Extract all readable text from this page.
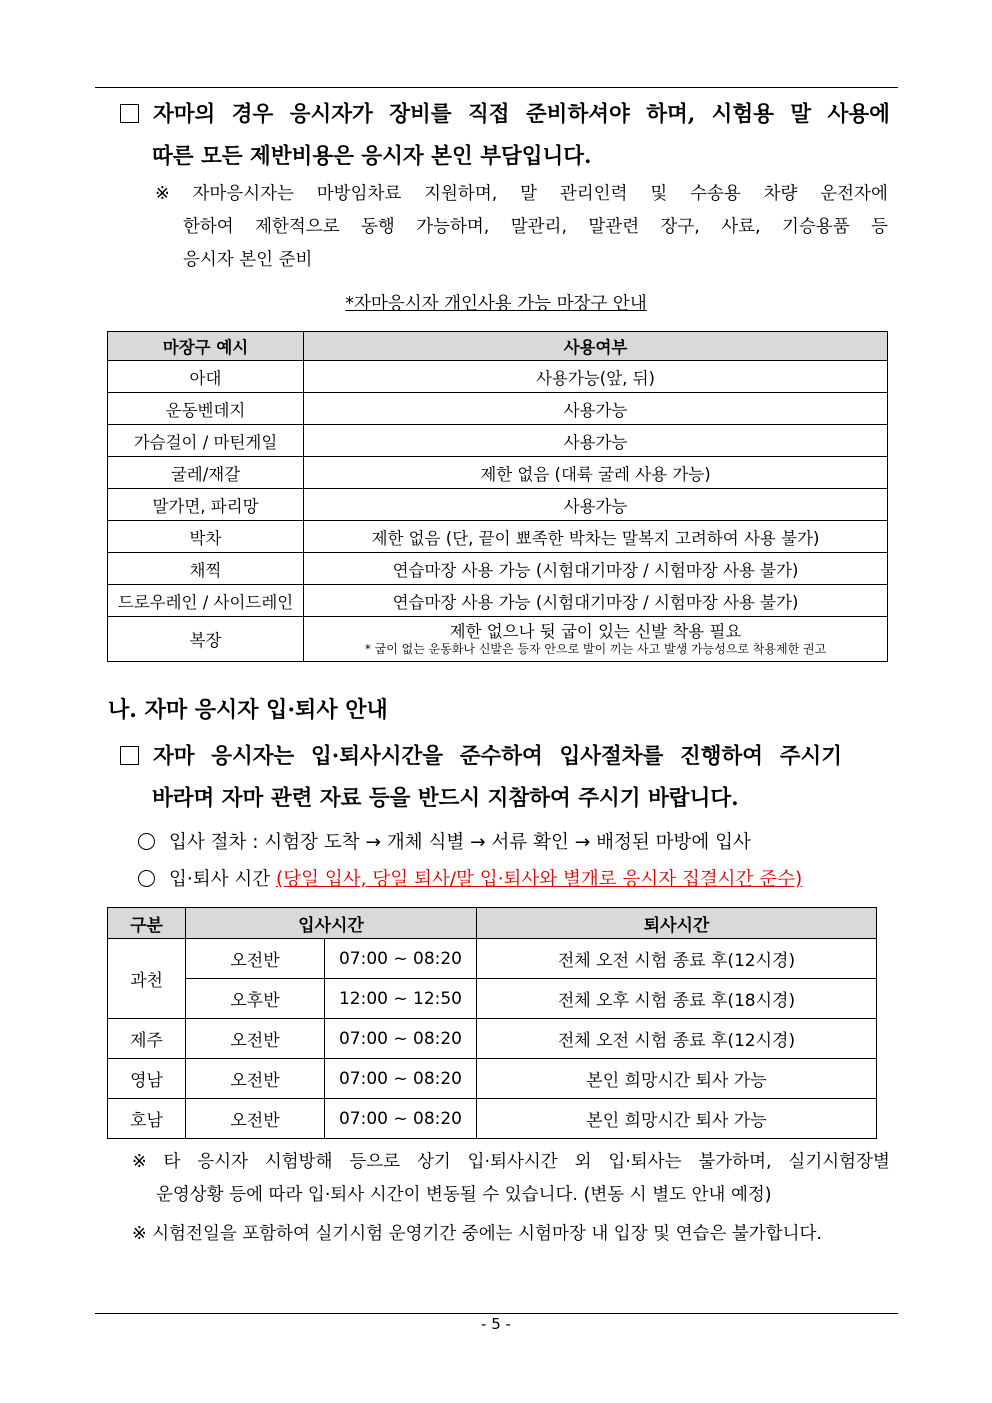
자마의 경우 응시자가 장비를 직접 준비하셔야 하며, 시험용 말 사용에
따른 모든 제반비용은 응시자 본인 부담입니다.
※ 자마응시자는 마방임차료 지원하며, 말 관리인력 및 수송용 차량 운전자에
한하여 제한적으로 동행 가능하며, 말관리, 말관련 장구, 사료, 기승용품 등
응시자 본인 준비
*자마응시자 개인사용 가능 마장구 안내
마장구 예시	사용여부
아대	사용가능(앞, 뒤)
운동벤데지	사용가능
가슴걸이 / 마틴게일	사용가능
굴레/재갈	제한 없음 (대륙 굴레 사용 가능)
말가면, 파리망	사용가능
박차	제한 없음 (단, 끝이 뾰족한 박차는 말복지 고려하여 사용 불가)
채찍	연습마장 사용 가능 (시험대기마장 / 시험마장 사용 불가)
드로우레인 / 사이드레인	연습마장 사용 가능 (시험대기마장 / 시험마장 사용 불가)
복장	제한 없으나 뒷 굽이 있는 신발 착용 필요
* 굽이 없는 운동화나 신발은 등자 안으로 발이 끼는 사고 발생 가능성으로 착용제한 권고
나. 자마 응시자 입·퇴사 안내
자마 응시자는 입·퇴사시간을 준수하여 입사절차를 진행하여 주시기
바라며 자마 관련 자료 등을 반드시 지참하여 주시기 바랍니다.
입사 절차 : 시험장 도착 → 개체 식별 → 서류 확인 → 배정된 마방에 입사
입·퇴사 시간 (당일 입사, 당일 퇴사/말 입·퇴사와 별개로 응시자 집결시간 준수)
구분	입사시간		퇴사시간
과천	오전반	07:00 ~ 08:20	전체 오전 시험 종료 후(12시경)
	오후반	12:00 ~ 12:50	전체 오후 시험 종료 후(18시경)
제주	오전반	07:00 ~ 08:20	전체 오전 시험 종료 후(12시경)
영남	오전반	07:00 ~ 08:20	본인 희망시간 퇴사 가능
호남	오전반	07:00 ~ 08:20	본인 희망시간 퇴사 가능
※ 타 응시자 시험방해 등으로 상기 입·퇴사시간 외 입·퇴사는 불가하며, 실기시험장별
운영상황 등에 따라 입·퇴사 시간이 변동될 수 있습니다. (변동 시 별도 안내 예정)
※ 시험전일을 포함하여 실기시험 운영기간 중에는 시험마장 내 입장 및 연습은 불가합니다.
- 5 -
